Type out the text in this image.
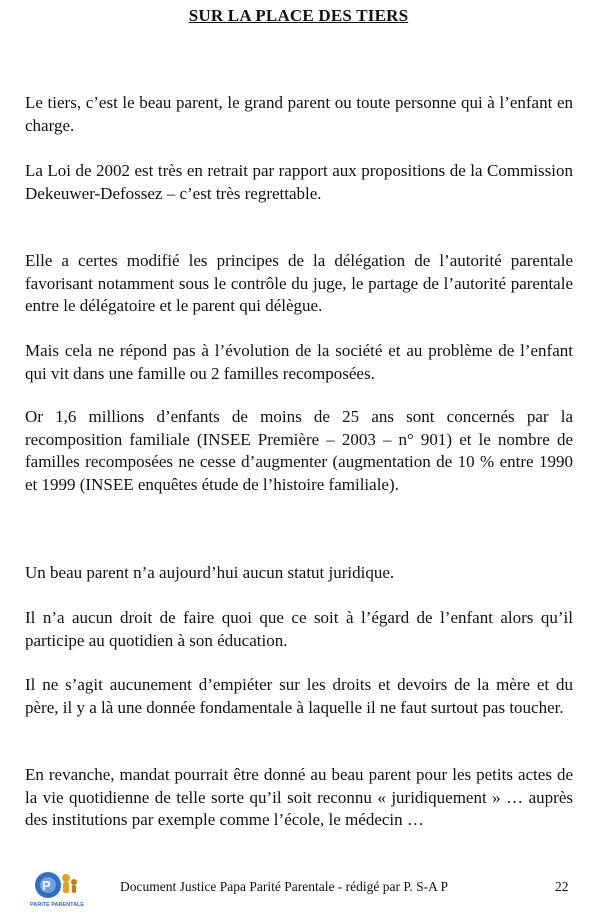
SUR LA PLACE DES TIERS

Le tiers, c’est le beau parent, le grand parent ou toute personne qui à l’enfant en charge.

La Loi de 2002 est très en retrait par rapport aux propositions de la Commission Dekeuwer-Defossez – c’est très regrettable.

Elle a certes modifié les principes de la délégation de l’autorité parentale favorisant notamment sous le contrôle du juge, le partage de l’autorité parentale entre le délégatoire et le parent qui délègue.

Mais cela ne répond pas à l’évolution de la société et au problème de l’enfant qui vit dans une famille ou 2 familles recomposées.

Or 1,6 millions d’enfants de moins de 25 ans sont concernés par la recomposition familiale (INSEE Première – 2003 – n° 901) et le nombre de familles recomposées ne cesse d’augmenter (augmentation de 10 % entre 1990 et 1999 (INSEE enquêtes étude de l’histoire familiale).

Un beau parent n’a aujourd’hui aucun statut juridique.

Il n’a aucun droit de faire quoi que ce soit à l’égard de l’enfant alors qu’il participe au quotidien à son éducation.

Il ne s’agit aucunement d’empiéter sur les droits et devoirs de la mère et du père, il y a là une donnée fondamentale à laquelle il ne faut surtout pas toucher.

En revanche, mandat pourrait être donné au beau parent pour les petits actes de la vie quotidienne de telle sorte qu’il soit reconnu « juridiquement » … auprès des institutions par exemple comme l’école, le médecin …

P
PARITE PARENTALE
Document Justice Papa Parité Parentale - rédigé par P. S-A P	22
